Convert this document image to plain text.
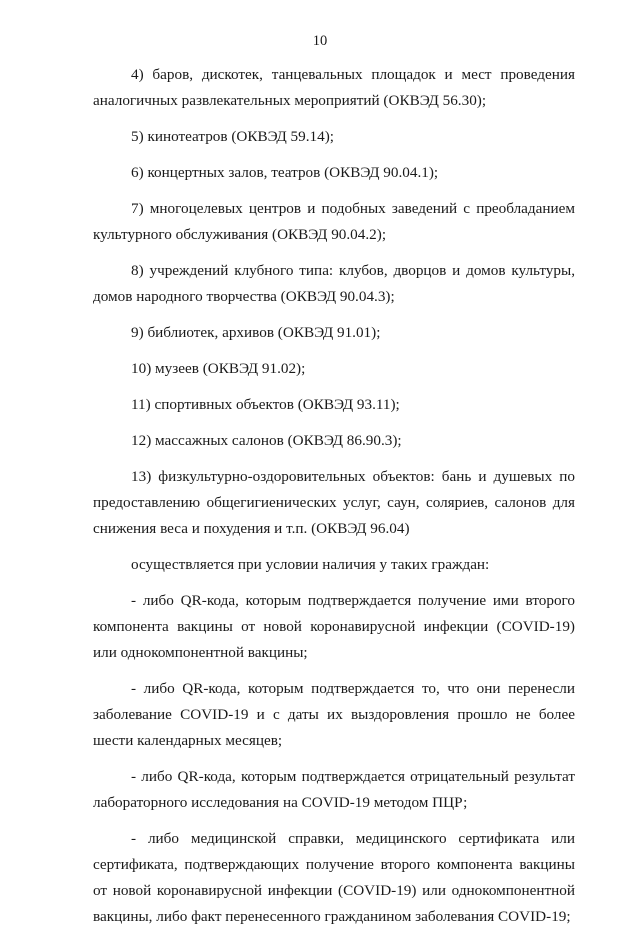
10

4) баров, дискотек, танцевальных площадок и мест проведения аналогичных развлекательных мероприятий (ОКВЭД 56.30);

5) кинотеатров (ОКВЭД 59.14);

6) концертных залов, театров (ОКВЭД 90.04.1);

7) многоцелевых центров и подобных заведений с преобладанием культурного обслуживания (ОКВЭД 90.04.2);

8) учреждений клубного типа: клубов, дворцов и домов культуры, домов народного творчества (ОКВЭД 90.04.3);

9) библиотек, архивов (ОКВЭД 91.01);

10) музеев (ОКВЭД 91.02);

11) спортивных объектов (ОКВЭД 93.11);

12) массажных салонов (ОКВЭД 86.90.3);

13) физкультурно-оздоровительных объектов: бань и душевых по предоставлению общегигиенических услуг, саун, соляриев, салонов для снижения веса и похудения и т.п. (ОКВЭД 96.04)

осуществляется при условии наличия у таких граждан:

- либо QR-кода, которым подтверждается получение ими второго компонента вакцины от новой коронавирусной инфекции (COVID-19) или однокомпонентной вакцины;

- либо QR-кода, которым подтверждается то, что они перенесли заболевание COVID-19 и с даты их выздоровления прошло не более шести календарных месяцев;

- либо QR-кода, которым подтверждается отрицательный результат лабораторного исследования на COVID-19 методом ПЦР;

- либо медицинской справки, медицинского сертификата или сертификата, подтверждающих получение второго компонента вакцины от новой коронавирусной инфекции (COVID-19) или однокомпонентной вакцины, либо факт перенесенного гражданином заболевания COVID-19;
